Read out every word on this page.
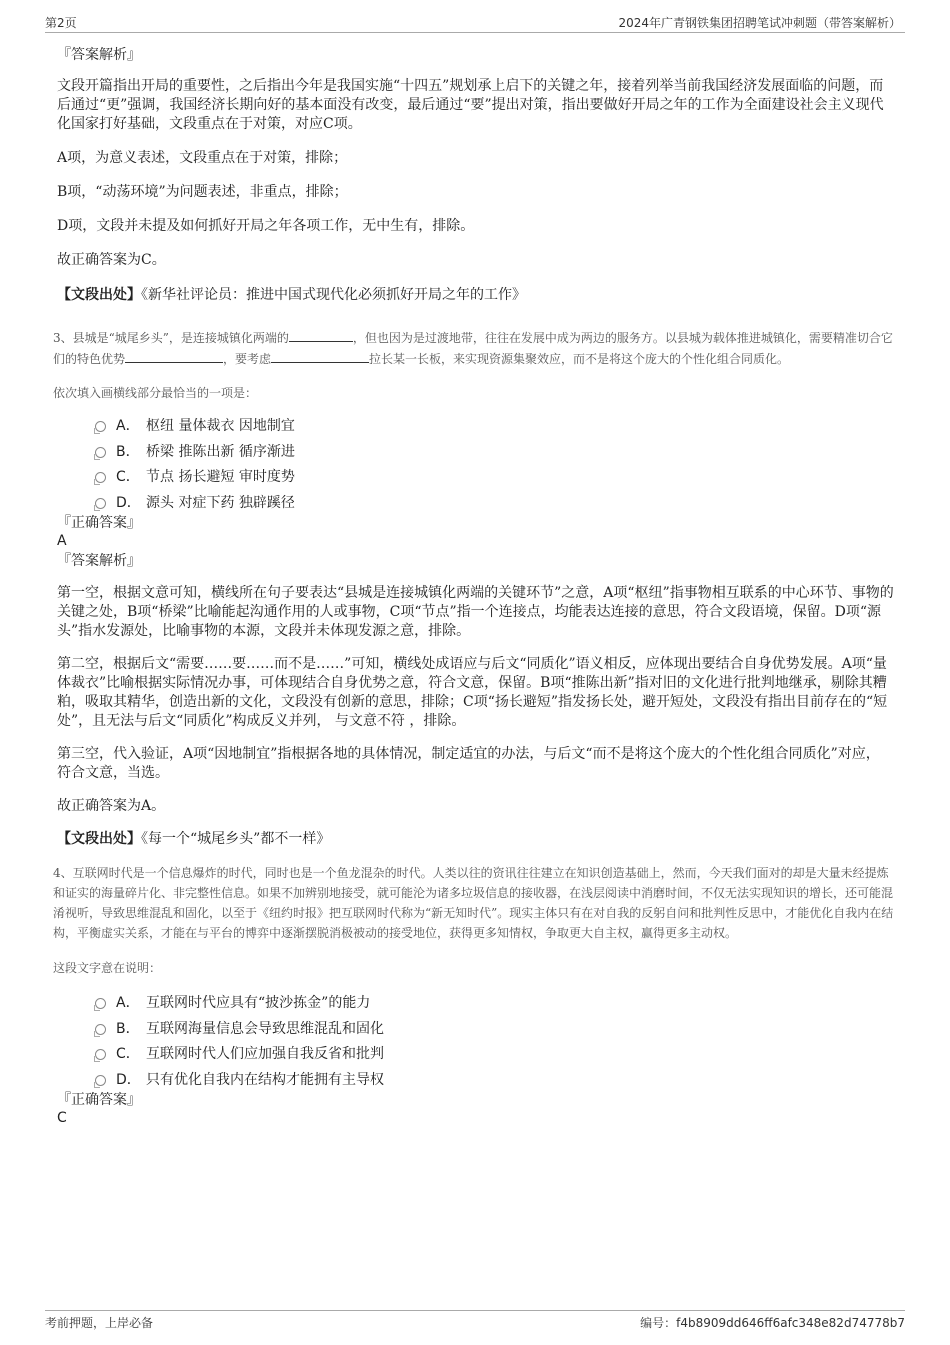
第2页	2024年广青钢铁集团招聘笔试冲刺题（带答案解析）

『答案解析』

文段开篇指出开局的重要性，之后指出今年是我国实施“十四五”规划承上启下的关键之年，接着列举当前我国经济发展面临的问题，而后通过“更”强调，我国经济长期向好的基本面没有改变，最后通过“要”提出对策，指出要做好开局之年的工作为全面建设社会主义现代化国家打好基础，文段重点在于对策，对应C项。

A项，为意义表述，文段重点在于对策，排除；

B项，“动荡环境”为问题表述，非重点，排除；

D项，文段并未提及如何抓好开局之年各项工作，无中生有，排除。

故正确答案为C。

【文段出处】《新华社评论员：推进中国式现代化必须抓好开局之年的工作》

3、县城是“城尾乡头”，是连接城镇化两端的	，但也因为是过渡地带，往往在发展中成为两边的服务方。以县城为载体推进城镇化，需要精准切合它们的特色优势	，要考虑	拉长某一长板，来实现资源集聚效应，而不是将这个庞大的个性化组合同质化。

依次填入画横线部分最恰当的一项是：

A． 枢纽 量体裁衣 因地制宜
B． 桥梁 推陈出新 循序渐进
C． 节点 扬长避短 审时度势
D． 源头 对症下药 独辟蹊径

『正确答案』

A

『答案解析』

第一空，根据文意可知，横线所在句子要表达“县城是连接城镇化两端的关键环节”之意，A项“枢纽”指事物相互联系的中心环节、事物的关键之处，B项“桥梁”比喻能起沟通作用的人或事物，C项“节点”指一个连接点，均能表达连接的意思，符合文段语境，保留。D项“源头”指水发源处，比喻事物的本源，文段并未体现发源之意，排除。

第二空，根据后文“需要……要……而不是……”可知，横线处成语应与后文“同质化”语义相反，应体现出要结合自身优势发展。A项“量体裁衣”比喻根据实际情况办事，可体现结合自身优势之意，符合文意，保留。B项“推陈出新”指对旧的文化进行批判地继承，剔除其糟粕，吸取其精华，创造出新的文化，文段没有创新的意思，排除；C项“扬长避短”指发扬长处，避开短处，文段没有指出目前存在的“短处”，且无法与后文“同质化”构成反义并列， 与文意不符 ，排除。

第三空，代入验证，A项“因地制宜”指根据各地的具体情况，制定适宜的办法，与后文“而不是将这个庞大的个性化组合同质化”对应， 符合文意，当选。

故正确答案为A。

【文段出处】《每一个“城尾乡头”都不一样》

4、互联网时代是一个信息爆炸的时代，同时也是一个鱼龙混杂的时代。人类以往的资讯往往建立在知识创造基础上，然而，今天我们面对的却是大量未经提炼和证实的海量碎片化、非完整性信息。如果不加辨别地接受，就可能沦为诸多垃圾信息的接收器，在浅层阅读中消磨时间，不仅无法实现知识的增长，还可能混淆视听，导致思维混乱和固化，以至于《纽约时报》把互联网时代称为“新无知时代”。现实主体只有在对自我的反躬自问和批判性反思中，才能优化自我内在结构，平衡虚实关系，才能在与平台的博弈中逐渐摆脱消极被动的接受地位，获得更多知情权，争取更大自主权，赢得更多主动权。

这段文字意在说明：

A． 互联网时代应具有“披沙拣金”的能力
B． 互联网海量信息会导致思维混乱和固化
C． 互联网时代人们应加强自我反省和批判
D． 只有优化自我内在结构才能拥有主导权

『正确答案』

C

考前押题，上岸必备	编号：f4b8909dd646ff6afc348e82d74778b7
